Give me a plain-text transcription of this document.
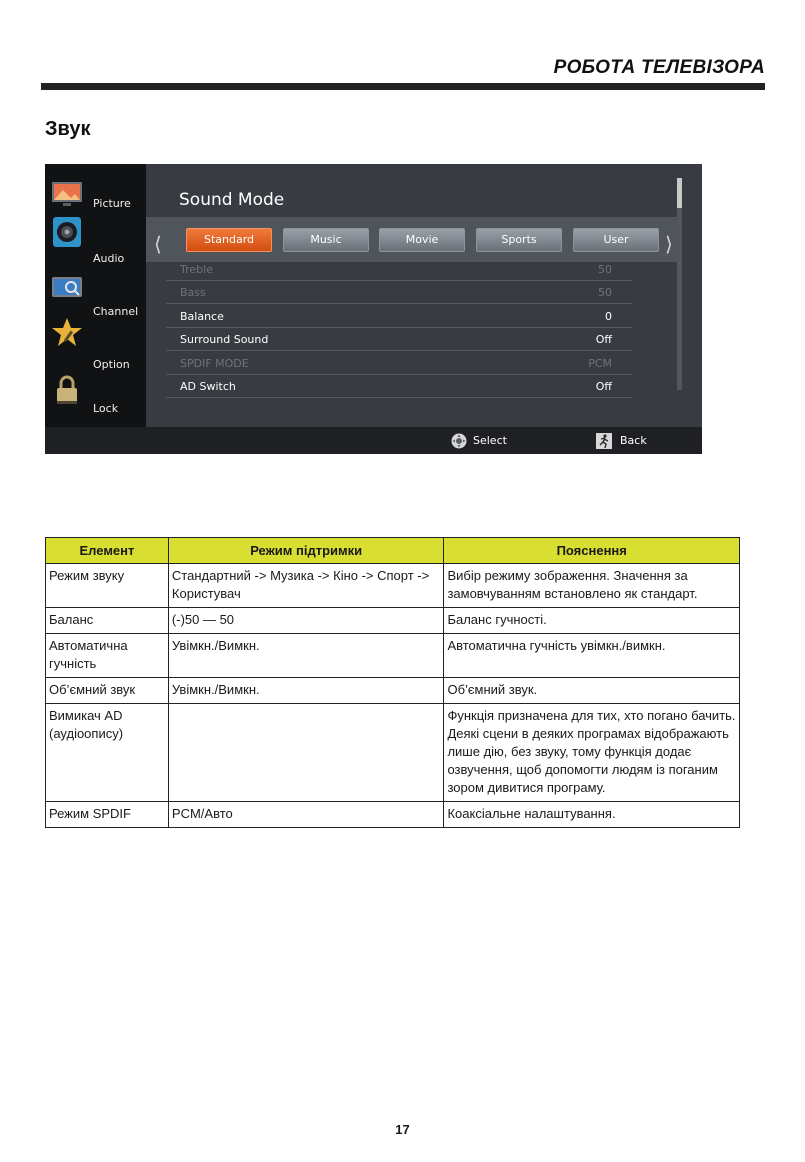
РОБОТА ТЕЛЕВІЗОРА
Звук
Picture
Audio
Channel
Option
Lock
Sound Mode
⟨	⟩
Standard	Music	Movie	Sports	User
Treble	50
Bass	50
Balance	0
Surround Sound	Off
SPDIF MODE	PCM
AD Switch	Off
Select	Back
Елемент	Режим підтримки	Пояснення
Режим звуку	Стандартний -> Музика -> Кіно -> Спорт -> Користувач	Вибір режиму зображення. Значення за замовчуванням встановлено як стандарт.
Баланс	(-)50 — 50	Баланс гучності.
Автоматична гучність	Увімкн./Вимкн.	Автоматична гучність увімкн./вимкн.
Об’ємний звук	Увімкн./Вимкн.	Об’ємний звук.
Вимикач AD (аудіоопису)		Функція призначена для тих, хто погано бачить. Деякі сцени в деяких програмах відображають лише дію, без звуку, тому функція додає озвучення, щоб допомогти людям із поганим зором дивитися програму.
Режим SPDIF	PCM/Авто	Коаксіальне налаштування.
17
